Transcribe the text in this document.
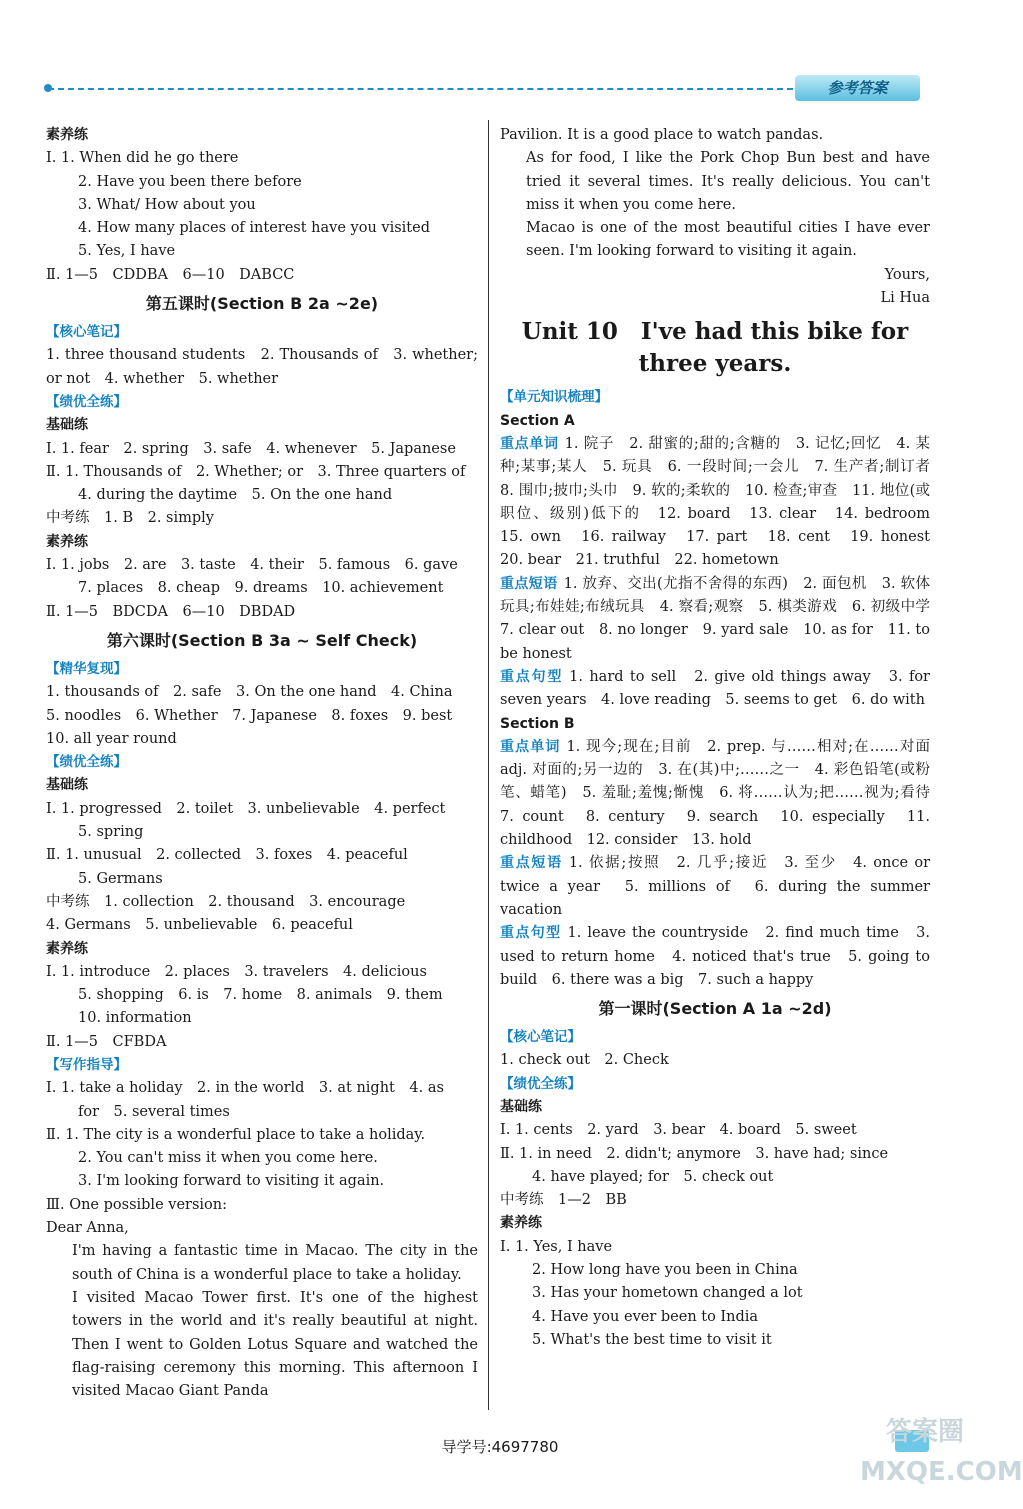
参考答案
素养练
Ⅰ. 1. When did he go there
2. Have you been there before
3. What/ How about you
4. How many places of interest have you visited
5. Yes, I have
Ⅱ. 1—5　CDDBA　6—10　DABCC
第五课时(Section B 2a ~2e)
【核心笔记】
1. three thousand students　2. Thousands of　3. whether; or not　4. whether　5. whether
【绩优全练】
基础练
Ⅰ. 1. fear　2. spring　3. safe　4. whenever　5. Japanese
Ⅱ. 1. Thousands of　2. Whether; or　3. Three quarters of
4. during the daytime　5. On the one hand
中考练　1. B　2. simply
素养练
Ⅰ. 1. jobs　2. are　3. taste　4. their　5. famous　6. gave
7. places　8. cheap　9. dreams　10. achievement
Ⅱ. 1—5　BDCDA　6—10　DBDAD
第六课时(Section B 3a ~ Self Check)
【精华复现】
1. thousands of　2. safe　3. On the one hand　4. China
5. noodles　6. Whether　7. Japanese　8. foxes　9. best
10. all year round
【绩优全练】
基础练
Ⅰ. 1. progressed　2. toilet　3. unbelievable　4. perfect
5. spring
Ⅱ. 1. unusual　2. collected　3. foxes　4. peaceful
5. Germans
中考练　1. collection　2. thousand　3. encourage
4. Germans　5. unbelievable　6. peaceful
素养练
Ⅰ. 1. introduce　2. places　3. travelers　4. delicious
5. shopping　6. is　7. home　8. animals　9. them
10. information
Ⅱ. 1—5　CFBDA
【写作指导】
Ⅰ. 1. take a holiday　2. in the world　3. at night　4. as
for　5. several times
Ⅱ. 1. The city is a wonderful place to take a holiday.
2. You can't miss it when you come here.
3. I'm looking forward to visiting it again.
Ⅲ. One possible version:
Dear Anna,
I'm having a fantastic time in Macao. The city in the south of China is a wonderful place to take a holiday.
I visited Macao Tower first. It's one of the highest towers in the world and it's really beautiful at night. Then I went to Golden Lotus Square and watched the flag-raising ceremony this morning. This afternoon I visited Macao Giant Panda
Pavilion. It is a good place to watch pandas.
As for food, I like the Pork Chop Bun best and have tried it several times. It's really delicious. You can't miss it when you come here.
Macao is one of the most beautiful cities I have ever seen. I'm looking forward to visiting it again.
Yours,
Li Hua
Unit 10　I've had this bike for
three years.
【单元知识梳理】
Section A
重点单词 1. 院子　2. 甜蜜的;甜的;含糖的　3. 记忆;回忆　4. 某种;某事;某人　5. 玩具　6. 一段时间;一会儿　7. 生产者;制订者　8. 围巾;披巾;头巾　9. 软的;柔软的　10. 检查;审查　11. 地位(或职位、级别)低下的　12. board　13. clear　14. bedroom　15. own　16. railway　17. part　18. cent　19. honest　20. bear　21. truthful　22. hometown
重点短语 1. 放弃、交出(尤指不舍得的东西)　2. 面包机　3. 软体玩具;布娃娃;布绒玩具　4. 察看;观察　5. 棋类游戏　6. 初级中学　7. clear out　8. no longer　9. yard sale　10. as for　11. to be honest
重点句型 1. hard to sell　2. give old things away　3. for seven years　4. love reading　5. seems to get　6. do with
Section B
重点单词 1. 现今;现在;目前　2. prep. 与……相对;在……对面　adj. 对面的;另一边的　3. 在(其)中;……之一　4. 彩色铅笔(或粉笔、蜡笔)　5. 羞耻;羞愧;惭愧　6. 将……认为;把……视为;看待　7. count　8. century　9. search　10. especially　11. childhood　12. consider　13. hold
重点短语 1. 依据;按照　2. 几乎;接近　3. 至少　4. once or twice a year　5. millions of　6. during the summer vacation
重点句型 1. leave the countryside　2. find much time　3. used to return home　4. noticed that's true　5. going to build　6. there was a big　7. such a happy
第一课时(Section A 1a ~2d)
【核心笔记】
1. check out　2. Check
【绩优全练】
基础练
Ⅰ. 1. cents　2. yard　3. bear　4. board　5. sweet
Ⅱ. 1. in need　2. didn't; anymore　3. have had; since
4. have played; for　5. check out
中考练　1—2　BB
素养练
Ⅰ. 1. Yes, I have
2. How long have you been in China
3. Has your hometown changed a lot
4. Have you ever been to India
5. What's the best time to visit it
答案圈
MXQE.COM
导学号:4697780
